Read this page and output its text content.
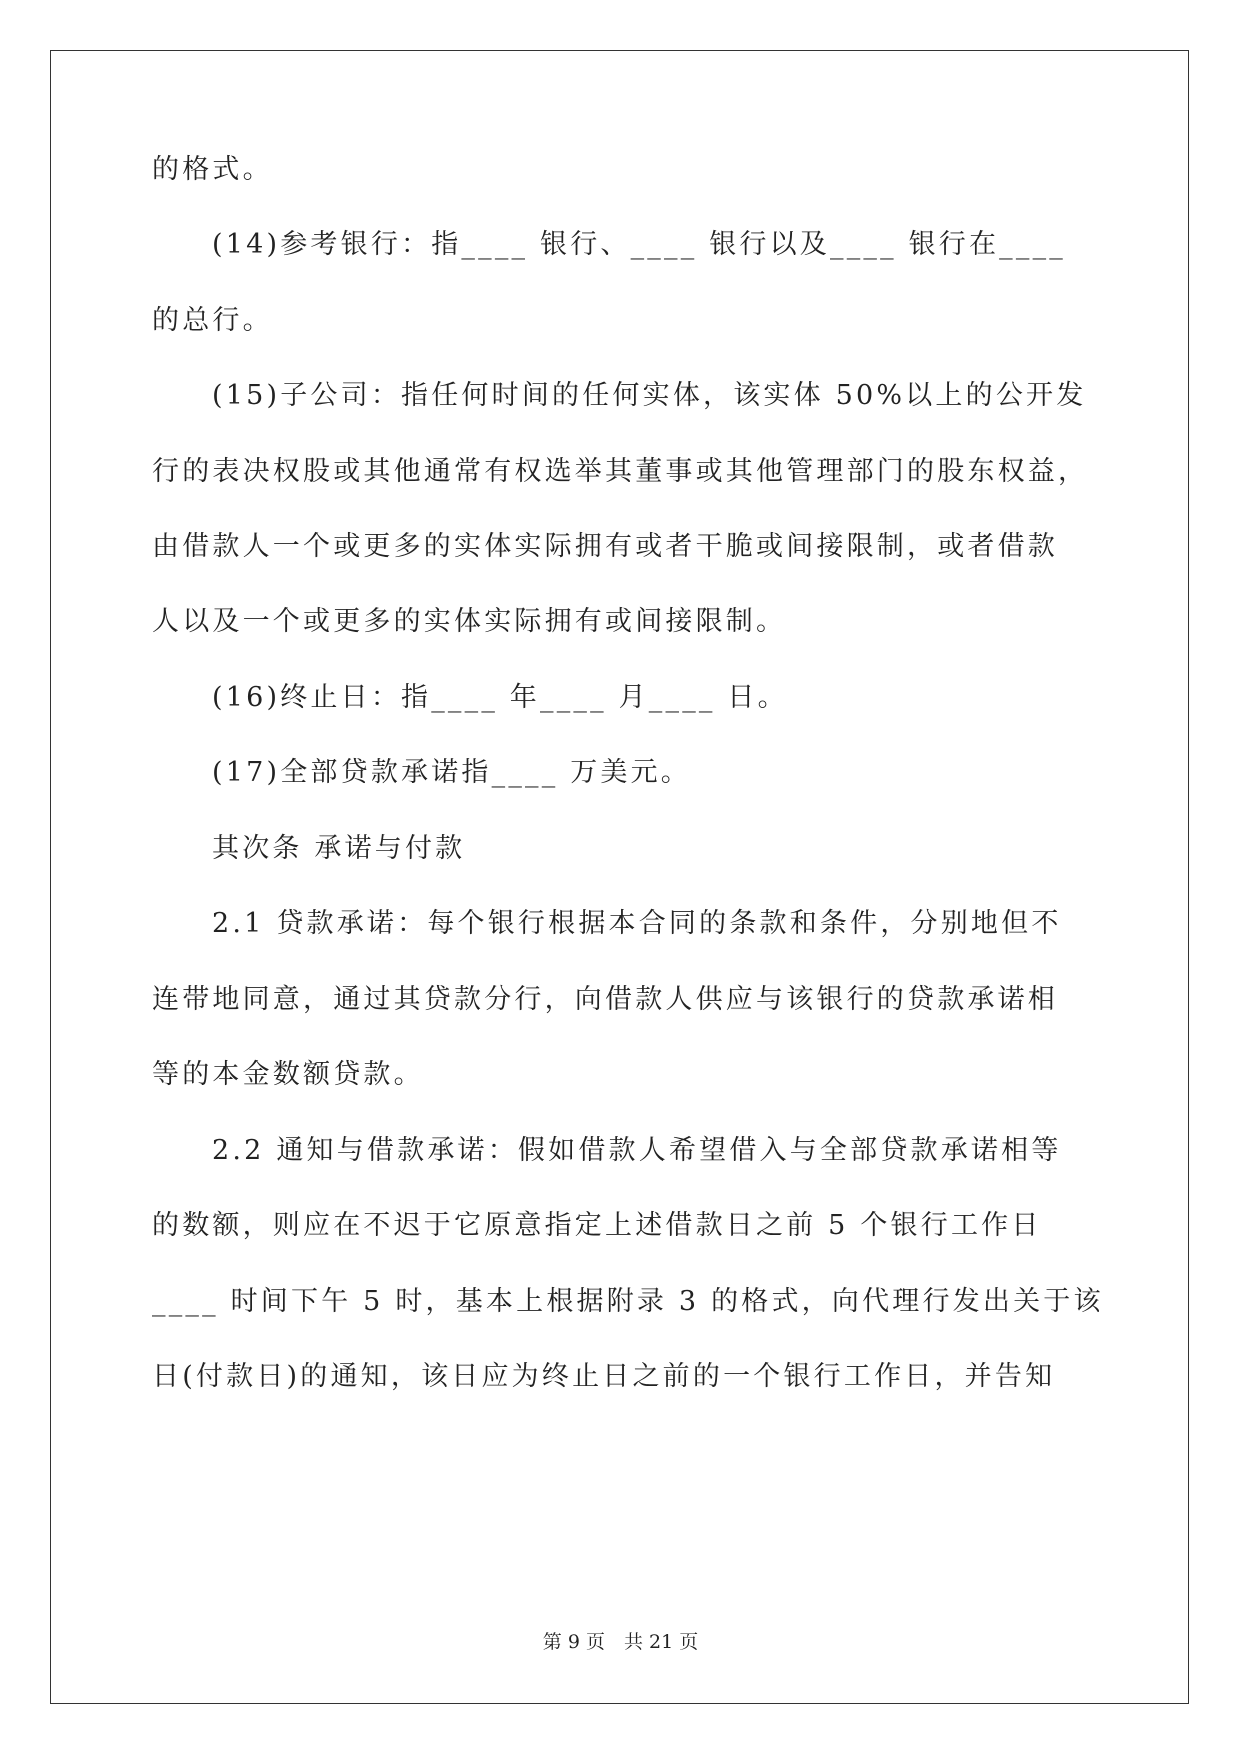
的格式。
(14)参考银行：指____ 银行、____ 银行以及____ 银行在____
的总行。
(15)子公司：指任何时间的任何实体，该实体 50%以上的公开发
行的表决权股或其他通常有权选举其董事或其他管理部门的股东权益，
由借款人一个或更多的实体实际拥有或者干脆或间接限制，或者借款
人以及一个或更多的实体实际拥有或间接限制。
(16)终止日：指____ 年____ 月____ 日。
(17)全部贷款承诺指____ 万美元。
其次条 承诺与付款
2.1 贷款承诺：每个银行根据本合同的条款和条件，分别地但不
连带地同意，通过其贷款分行，向借款人供应与该银行的贷款承诺相
等的本金数额贷款。
2.2 通知与借款承诺：假如借款人希望借入与全部贷款承诺相等
的数额，则应在不迟于它原意指定上述借款日之前 5 个银行工作日
____ 时间下午 5 时，基本上根据附录 3 的格式，向代理行发出关于该
日(付款日)的通知，该日应为终止日之前的一个银行工作日，并告知
第 9 页　共 21 页
